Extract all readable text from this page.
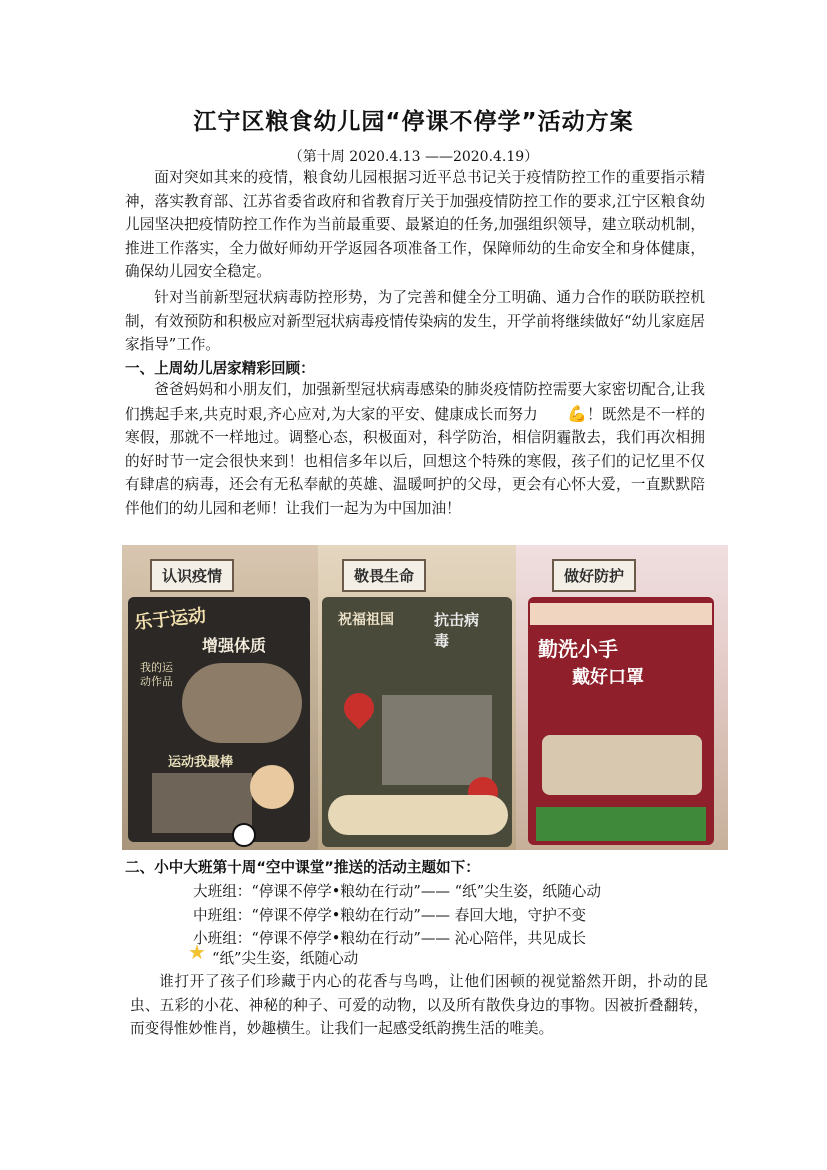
江宁区粮食幼儿园“停课不停学”活动方案
（第十周 2020.4.13 ——2020.4.19）
面对突如其来的疫情，粮食幼儿园根据习近平总书记关于疫情防控工作的重要指示精神，落实教育部、江苏省委省政府和省教育厅关于加强疫情防控工作的要求,江宁区粮食幼儿园坚决把疫情防控工作作为当前最重要、最紧迫的任务,加强组织领导，建立联动机制，推进工作落实，全力做好师幼开学返园各项准备工作，保障师幼的生命安全和身体健康，确保幼儿园安全稳定。
针对当前新型冠状病毒防控形势，为了完善和健全分工明确、通力合作的联防联控机制，有效预防和积极应对新型冠状病毒疫情传染病的发生，开学前将继续做好“幼儿家庭居家指导”工作。
一、上周幼儿居家精彩回顾：
爸爸妈妈和小朋友们，加强新型冠状病毒感染的肺炎疫情防控需要大家密切配合,让我们携起手来,共克时艰,齐心应对,为大家的平安、健康成长而努力 💪！既然是不一样的寒假，那就不一样地过。调整心态，积极面对，科学防治，相信阴霾散去，我们再次相拥的好时节一定会很快来到！也相信多年以后，回想这个特殊的寒假，孩子们的记忆里不仅有肆虐的病毒，还会有无私奉献的英雄、温暖呵护的父母，更会有心怀大爱，一直默默陪伴他们的幼儿园和老师！让我们一起为为中国加油！
认识疫情
乐于运动
增强体质
运动我最棒
我的运动作品
敬畏生命
祝福祖国	抗击病毒
做好防护
勤洗小手
戴好口罩
二、小中大班第十周“空中课堂”推送的活动主题如下：
大班组：“停课不停学•粮幼在行动”—— “纸”尖生姿，纸随心动
中班组：“停课不停学•粮幼在行动”—— 春回大地，守护不变
小班组：“停课不停学•粮幼在行动”—— 沁心陪伴，共见成长
★ “纸”尖生姿，纸随心动
谁打开了孩子们珍藏于内心的花香与鸟鸣，让他们困顿的视觉豁然开朗，扑动的昆虫、五彩的小花、神秘的种子、可爱的动物，以及所有散佚身边的事物。因被折叠翻转，而变得惟妙惟肖，妙趣横生。让我们一起感受纸韵携生活的唯美。
